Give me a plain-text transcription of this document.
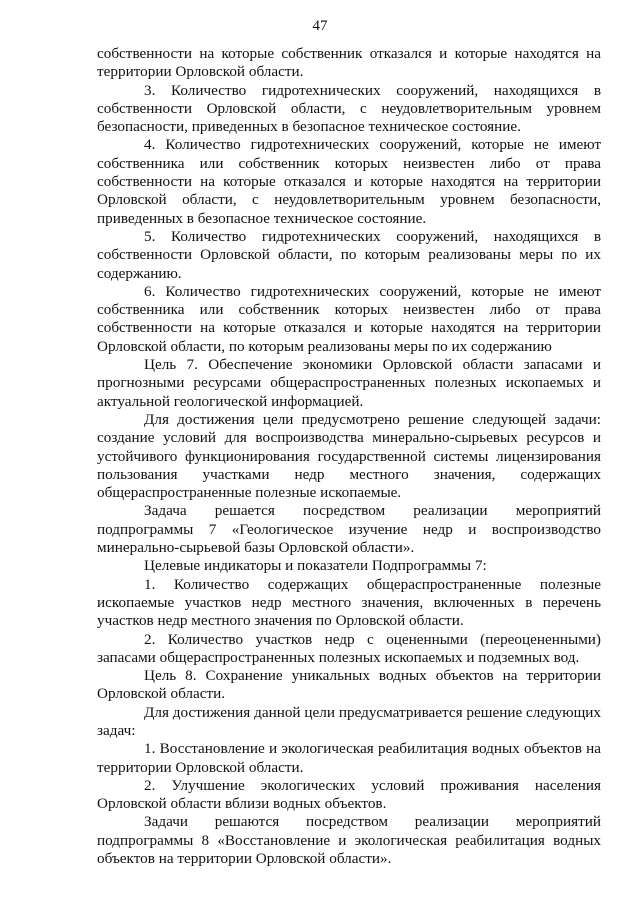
47

собственности на которые собственник отказался и которые находятся на территории Орловской области.

3. Количество гидротехнических сооружений, находящихся в собственности Орловской области, с неудовлетворительным уровнем безопасности, приведенных в безопасное техническое состояние.

4. Количество гидротехнических сооружений, которые не имеют собственника или собственник которых неизвестен либо от права собственности на которые отказался и которые находятся на территории Орловской области, с неудовлетворительным уровнем безопасности, приведенных в безопасное техническое состояние.

5. Количество гидротехнических сооружений, находящихся в собственности Орловской области, по которым реализованы меры по их содержанию.

6. Количество гидротехнических сооружений, которые не имеют собственника или собственник которых неизвестен либо от права собственности на которые отказался и которые находятся на территории Орловской области, по которым реализованы меры по их содержанию

Цель 7. Обеспечение экономики Орловской области запасами и прогнозными ресурсами общераспространенных полезных ископаемых и актуальной геологической информацией.

Для достижения цели предусмотрено решение следующей задачи: создание условий для воспроизводства минерально-сырьевых ресурсов и устойчивого функционирования государственной системы лицензирования пользования участками недр местного значения, содержащих общераспространенные полезные ископаемые.

Задача решается посредством реализации мероприятий подпрограммы 7 «Геологическое изучение недр и воспроизводство минерально-сырьевой базы Орловской области».

Целевые индикаторы и показатели Подпрограммы 7:

1. Количество содержащих общераспространенные полезные ископаемые участков недр местного значения, включенных в перечень участков недр местного значения по Орловской области.

2. Количество участков недр с оцененными (переоцененными) запасами общераспространенных полезных ископаемых и подземных вод.

Цель 8. Сохранение уникальных водных объектов на территории Орловской области.

Для достижения данной цели предусматривается решение следующих задач:

1. Восстановление и экологическая реабилитация водных объектов на территории Орловской области.

2. Улучшение экологических условий проживания населения Орловской области вблизи водных объектов.

Задачи решаются посредством реализации мероприятий подпрограммы 8 «Восстановление и экологическая реабилитация водных объектов на территории Орловской области».
